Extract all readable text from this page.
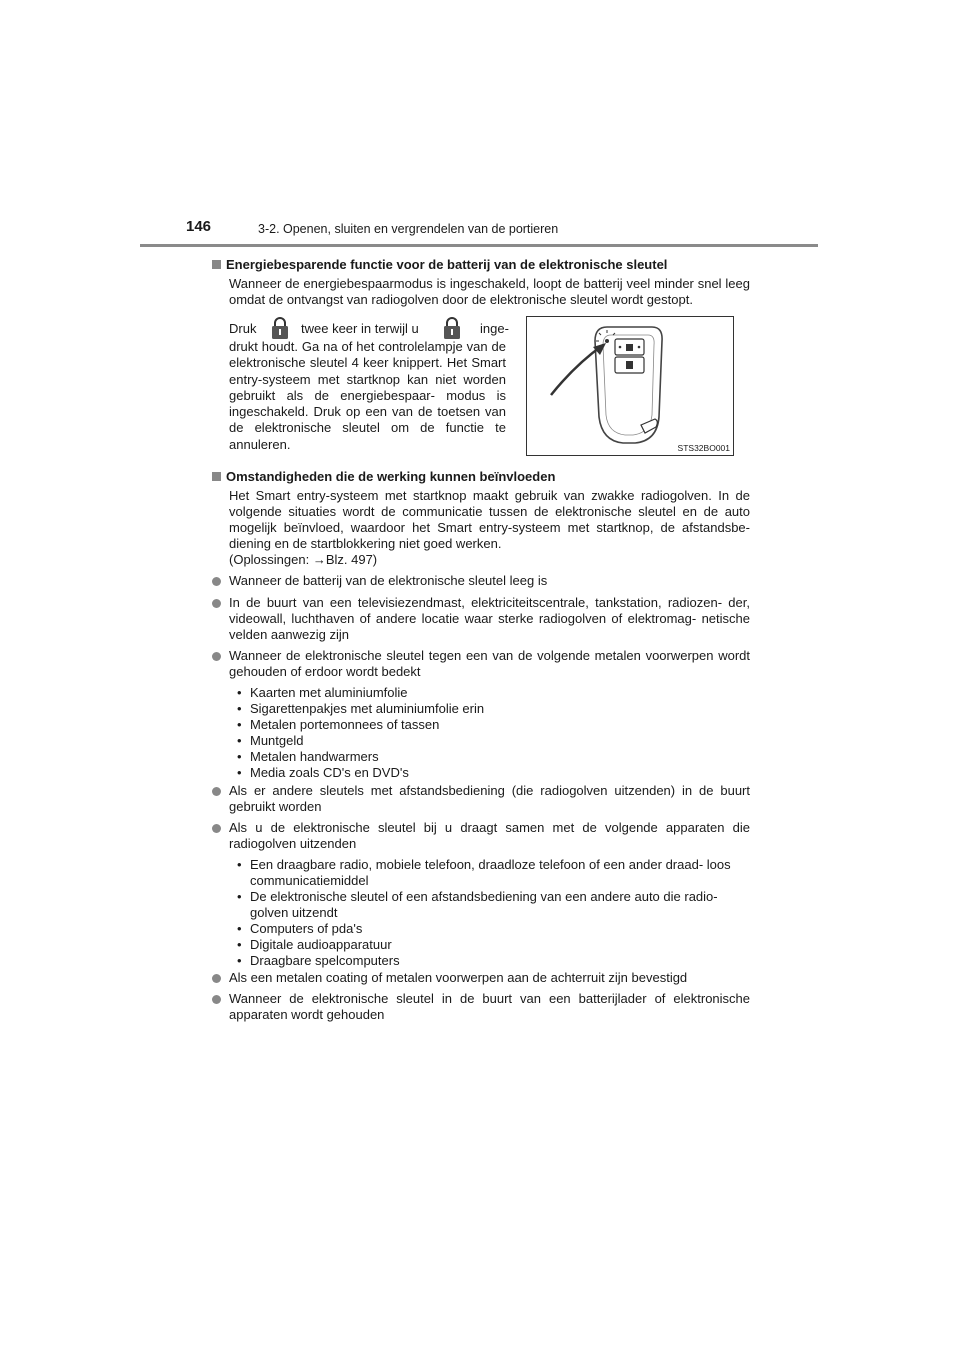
146	3-2. Openen, sluiten en vergrendelen van de portieren
Energiebesparende functie voor de batterij van de elektronische sleutel
Wanneer de energiebespaarmodus is ingeschakeld, loopt de batterij veel minder snel leeg omdat de ontvangst van radiogolven door de elektronische sleutel wordt gestopt.
Druk	twee keer in terwijl u	inge-
drukt houdt. Ga na of het controlelampje van de elektronische sleutel 4 keer knippert. Het Smart entry-systeem met startknop kan niet worden gebruikt als de energiebespaar- modus is ingeschakeld. Druk op een van de toetsen van de elektronische sleutel om de functie te annuleren.	STS32BO001
Omstandigheden die de werking kunnen beïnvloeden
Het Smart entry-systeem met startknop maakt gebruik van zwakke radiogolven. In de volgende situaties wordt de communicatie tussen de elektronische sleutel en de auto mogelijk beïnvloed, waardoor het Smart entry-systeem met startknop, de afstandsbe- diening en de startblokkering niet goed werken.
(Oplossingen: →Blz. 497)
Wanneer de batterij van de elektronische sleutel leeg is
In de buurt van een televisiezendmast, elektriciteitscentrale, tankstation, radiozen- der, videowall, luchthaven of andere locatie waar sterke radiogolven of elektromag- netische velden aanwezig zijn
Wanneer de elektronische sleutel tegen een van de volgende metalen voorwerpen wordt gehouden of erdoor wordt bedekt
• Kaarten met aluminiumfolie
• Sigarettenpakjes met aluminiumfolie erin
• Metalen portemonnees of tassen
• Muntgeld
• Metalen handwarmers
• Media zoals CD's en DVD's
Als er andere sleutels met afstandsbediening (die radiogolven uitzenden) in de buurt gebruikt worden
Als u de elektronische sleutel bij u draagt samen met de volgende apparaten die radiogolven uitzenden
• Een draagbare radio, mobiele telefoon, draadloze telefoon of een ander draad- loos communicatiemiddel
• De elektronische sleutel of een afstandsbediening van een andere auto die radio- golven uitzendt
• Computers of pda's
• Digitale audioapparatuur
• Draagbare spelcomputers
Als een metalen coating of metalen voorwerpen aan de achterruit zijn bevestigd
Wanneer de elektronische sleutel in de buurt van een batterijlader of elektronische apparaten wordt gehouden
